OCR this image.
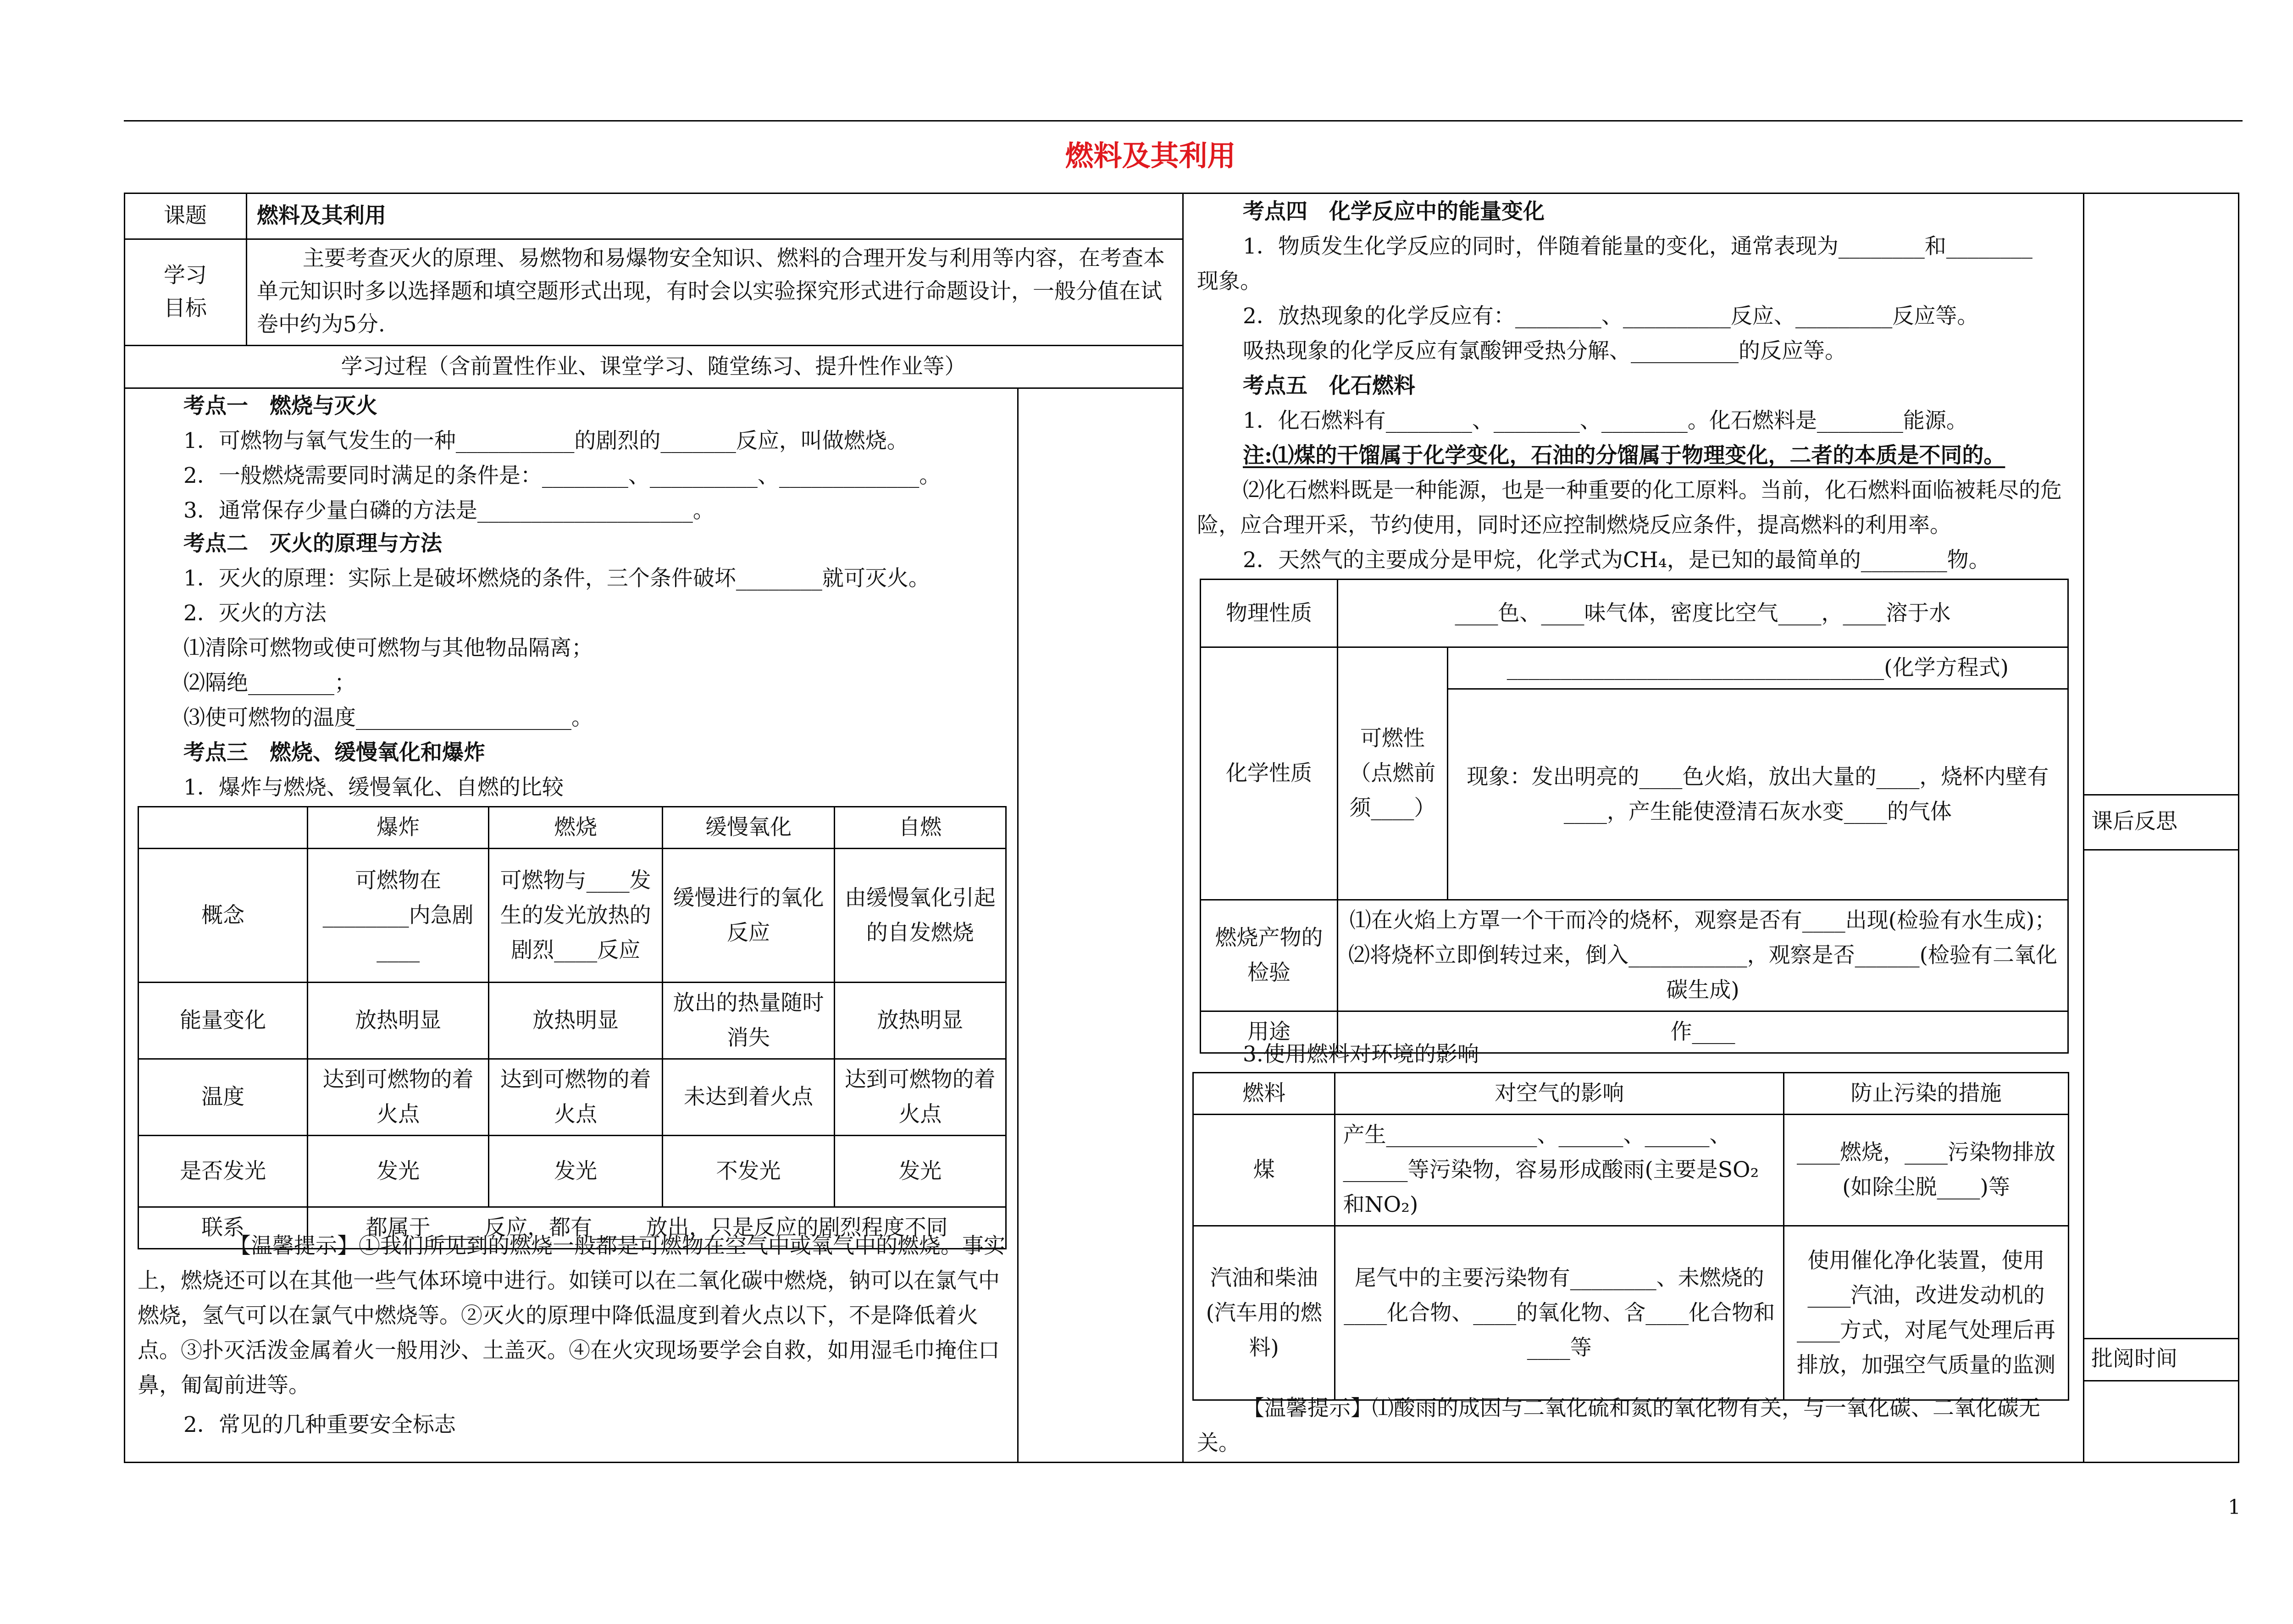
燃料及其利用
课题	燃料及其利用
学习目标
主要考查灭火的原理、易燃物和易爆物安全知识、燃料的合理开发与利用等内容，在考查本单元知识时多以选择题和填空题形式出现，有时会以实验探究形式进行命题设计，一般分值在试卷中约为5分.
学习过程（含前置性作业、课堂学习、随堂练习、提升性作业等）
考点一　燃烧与灭火
1．可燃物与氧气发生的一种___________的剧烈的_______反应，叫做燃烧。
2．一般燃烧需要同时满足的条件是：________、__________、_____________。
3．通常保存少量白磷的方法是____________________。
考点二　灭火的原理与方法
1．灭火的原理：实际上是破坏燃烧的条件，三个条件破坏________就可灭火。
2．灭火的方法
⑴清除可燃物或使可燃物与其他物品隔离；
⑵隔绝________；
⑶使可燃物的温度____________________。
考点三　燃烧、缓慢氧化和爆炸
1．爆炸与燃烧、缓慢氧化、自燃的比较
	爆炸	燃烧	缓慢氧化	自燃
概念	可燃物在________内急剧____	可燃物与____发生的发光放热的剧烈____反应	缓慢进行的氧化反应	由缓慢氧化引起的自发燃烧
能量变化	放热明显	放热明显	放出的热量随时消失	放热明显
温度	达到可燃物的着火点	达到可燃物的着火点	未达到着火点	达到可燃物的着火点
是否发光	发光	发光	不发光	发光
联系	都属于_____反应，都有_____放出，只是反应的剧烈程度不同			
【温馨提示】①我们所见到的燃烧一般都是可燃物在空气中或氧气中的燃烧。事实上，燃烧还可以在其他一些气体环境中进行。如镁可以在二氧化碳中燃烧，钠可以在氯气中燃烧，氢气可以在氯气中燃烧等。②灭火的原理中降低温度到着火点以下，不是降低着火点。③扑灭活泼金属着火一般用沙、土盖灭。④在火灾现场要学会自救，如用湿毛巾掩住口鼻，匍匐前进等。
2．常见的几种重要安全标志
考点四　化学反应中的能量变化
1．物质发生化学反应的同时，伴随着能量的变化，通常表现为________和________
现象。
2．放热现象的化学反应有：________、__________反应、_________反应等。
吸热现象的化学反应有氯酸钾受热分解、__________的反应等。
考点五　化石燃料
1．化石燃料有________、________、________。化石燃料是________能源。
注:⑴煤的干馏属于化学变化，石油的分馏属于物理变化，二者的本质是不同的。
⑵化石燃料既是一种能源，也是一种重要的化工原料。当前，化石燃料面临被耗尽的危险，应合理开采，节约使用，同时还应控制燃烧反应条件，提高燃料的利用率。
2．天然气的主要成分是甲烷，化学式为CH₄，是已知的最简单的________物。
物理性质	____色、____味气体，密度比空气____，____溶于水	
化学性质	可燃性（点燃前须____）	___________________________________(化学方程式)
		现象：发出明亮的____色火焰，放出大量的____，烧杯内壁有____，产生能使澄清石灰水变____的气体
燃烧产物的检验	⑴在火焰上方罩一个干而冷的烧杯，观察是否有____出现(检验有水生成)；⑵将烧杯立即倒转过来，倒入___________，观察是否______(检验有二氧化碳生成)	
用途	作____	
3.使用燃料对环境的影响
燃料	对空气的影响	防止污染的措施
煤	产生______________、______、______、______等污染物，容易形成酸雨(主要是SO₂和NO₂)	____燃烧，____污染物排放(如除尘脱____)等
汽油和柴油(汽车用的燃料)	尾气中的主要污染物有________、未燃烧的____化合物、____的氧化物、含____化合物和____等	使用催化净化装置，使用____汽油，改进发动机的____方式，对尾气处理后再排放，加强空气质量的监测
【温馨提示】⑴酸雨的成因与二氧化硫和氮的氧化物有关，与一氧化碳、二氧化碳无关。
课后反思
批阅时间
1
